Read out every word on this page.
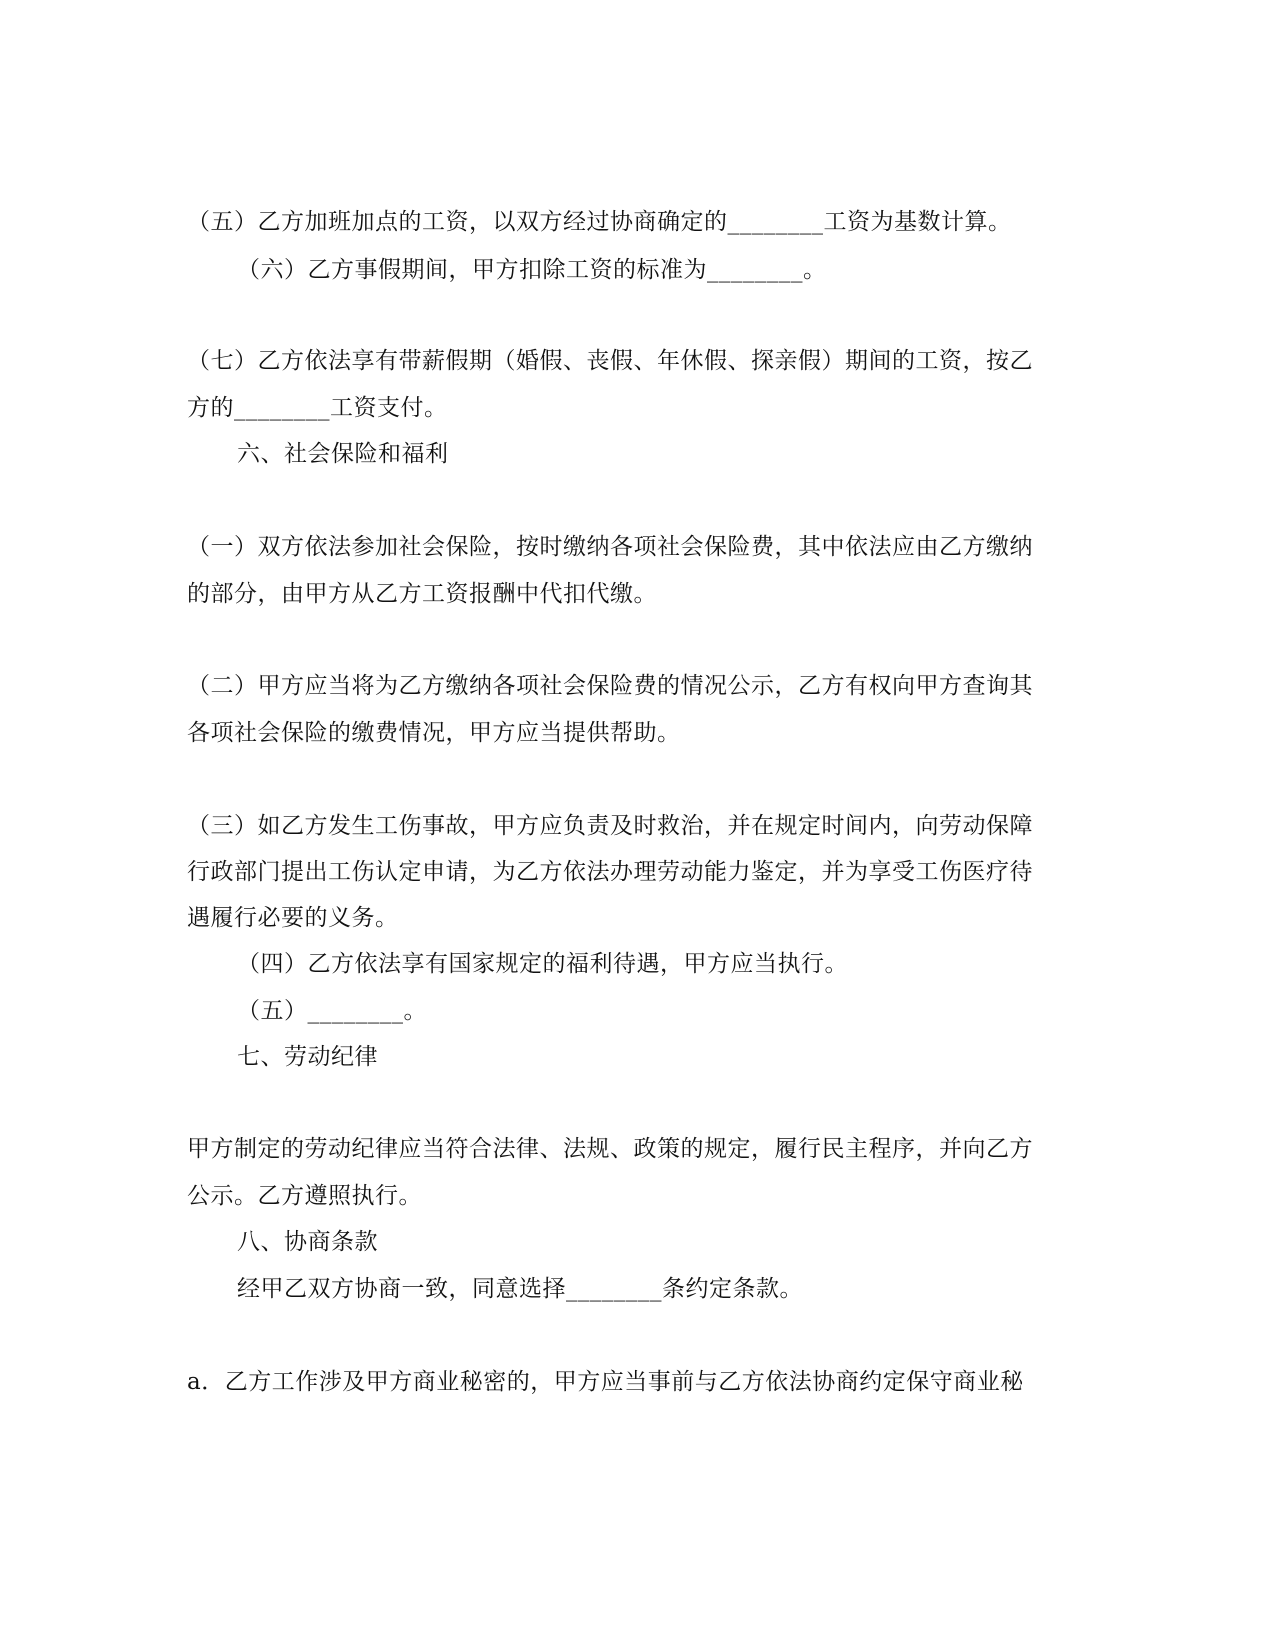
（五）乙方加班加点的工资，以双方经过协商确定的________工资为基数计算。
（六）乙方事假期间，甲方扣除工资的标准为________。
（七）乙方依法享有带薪假期（婚假、丧假、年休假、探亲假）期间的工资，按乙
方的________工资支付。
六、社会保险和福利
（一）双方依法参加社会保险，按时缴纳各项社会保险费，其中依法应由乙方缴纳
的部分，由甲方从乙方工资报酬中代扣代缴。
（二）甲方应当将为乙方缴纳各项社会保险费的情况公示，乙方有权向甲方查询其
各项社会保险的缴费情况，甲方应当提供帮助。
（三）如乙方发生工伤事故，甲方应负责及时救治，并在规定时间内，向劳动保障
行政部门提出工伤认定申请，为乙方依法办理劳动能力鉴定，并为享受工伤医疗待
遇履行必要的义务。
（四）乙方依法享有国家规定的福利待遇，甲方应当执行。
（五）________。
七、劳动纪律
甲方制定的劳动纪律应当符合法律、法规、政策的规定，履行民主程序，并向乙方
公示。乙方遵照执行。
八、协商条款
经甲乙双方协商一致，同意选择________条约定条款。
a．乙方工作涉及甲方商业秘密的，甲方应当事前与乙方依法协商约定保守商业秘
